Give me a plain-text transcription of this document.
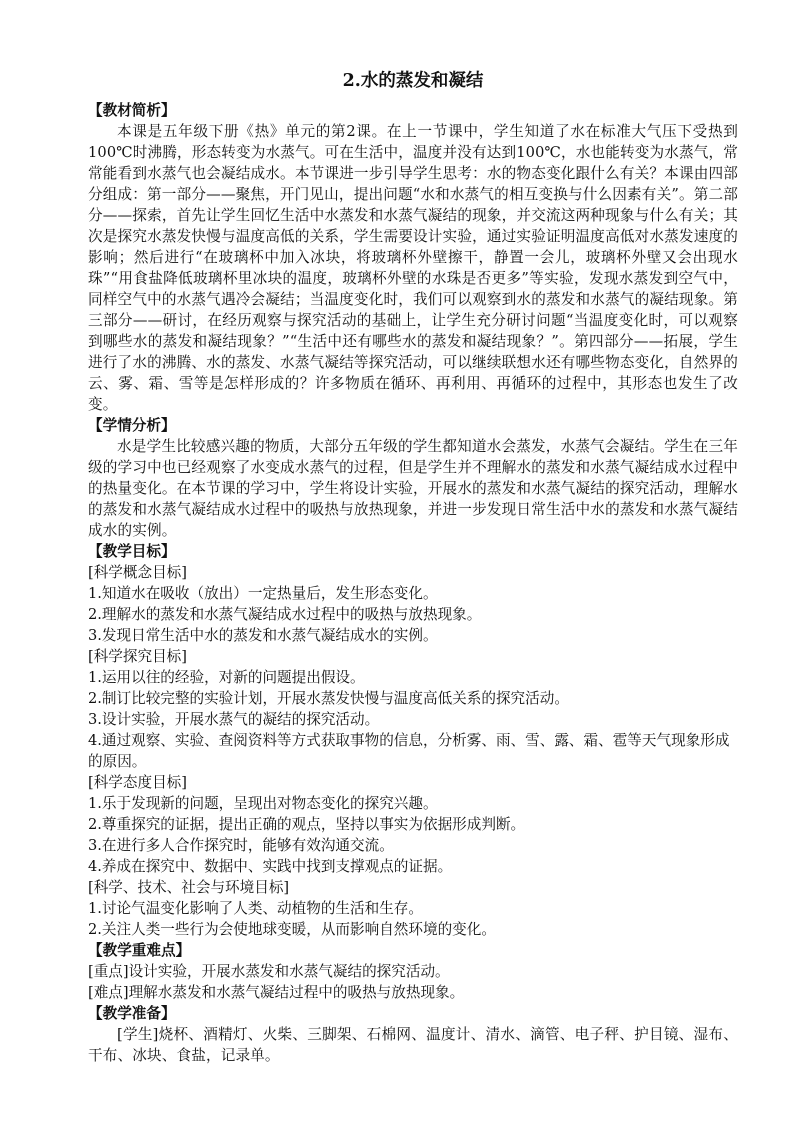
2.水的蒸发和凝结
【教材简析】

本课是五年级下册《热》单元的第2课。在上一节课中，学生知道了水在标准大气压下受热到100℃时沸腾，形态转变为水蒸气。可在生活中，温度并没有达到100℃，水也能转变为水蒸气，常常能看到水蒸气也会凝结成水。本节课进一步引导学生思考：水的物态变化跟什么有关？本课由四部分组成：第一部分——聚焦，开门见山，提出问题“水和水蒸气的相互变换与什么因素有关”。第二部分——探索，首先让学生回忆生活中水蒸发和水蒸气凝结的现象，并交流这两种现象与什么有关；其次是探究水蒸发快慢与温度高低的关系，学生需要设计实验，通过实验证明温度高低对水蒸发速度的影响；然后进行“在玻璃杯中加入冰块，将玻璃杯外壁擦干，静置一会儿，玻璃杯外壁又会出现水珠”“用食盐降低玻璃杯里冰块的温度，玻璃杯外壁的水珠是否更多”等实验，发现水蒸发到空气中，同样空气中的水蒸气遇冷会凝结；当温度变化时，我们可以观察到水的蒸发和水蒸气的凝结现象。第三部分——研讨，在经历观察与探究活动的基础上，让学生充分研讨问题“当温度变化时，可以观察到哪些水的蒸发和凝结现象？”“生活中还有哪些水的蒸发和凝结现象？”。第四部分——拓展，学生进行了水的沸腾、水的蒸发、水蒸气凝结等探究活动，可以继续联想水还有哪些物态变化，自然界的云、雾、霜、雪等是怎样形成的？许多物质在循环、再利用、再循环的过程中，其形态也发生了改变。

【学情分析】

水是学生比较感兴趣的物质，大部分五年级的学生都知道水会蒸发，水蒸气会凝结。学生在三年级的学习中也已经观察了水变成水蒸气的过程，但是学生并不理解水的蒸发和水蒸气凝结成水过程中的热量变化。在本节课的学习中，学生将设计实验，开展水的蒸发和水蒸气凝结的探究活动，理解水的蒸发和水蒸气凝结成水过程中的吸热与放热现象，并进一步发现日常生活中水的蒸发和水蒸气凝结成水的实例。

【教学目标】
[科学概念目标]
1.知道水在吸收（放出）一定热量后，发生形态变化。
2.理解水的蒸发和水蒸气凝结成水过程中的吸热与放热现象。
3.发现日常生活中水的蒸发和水蒸气凝结成水的实例。
[科学探究目标]
1.运用以往的经验，对新的问题提出假设。
2.制订比较完整的实验计划，开展水蒸发快慢与温度高低关系的探究活动。
3.设计实验，开展水蒸气的凝结的探究活动。
4.通过观察、实验、查阅资料等方式获取事物的信息，分析雾、雨、雪、露、霜、雹等天气现象形成的原因。
[科学态度目标]
1.乐于发现新的问题，呈现出对物态变化的探究兴趣。
2.尊重探究的证据，提出正确的观点，坚持以事实为依据形成判断。
3.在进行多人合作探究时，能够有效沟通交流。
4.养成在探究中、数据中、实践中找到支撑观点的证据。
[科学、技术、社会与环境目标]
1.讨论气温变化影响了人类、动植物的生活和生存。
2.关注人类一些行为会使地球变暖，从而影响自然环境的变化。
【教学重难点】
[重点]设计实验，开展水蒸发和水蒸气凝结的探究活动。
[难点]理解水蒸发和水蒸气凝结过程中的吸热与放热现象。
【教学准备】

[学生]烧杯、酒精灯、火柴、三脚架、石棉网、温度计、清水、滴管、电子秤、护目镜、湿布、干布、冰块、食盐，记录单。
